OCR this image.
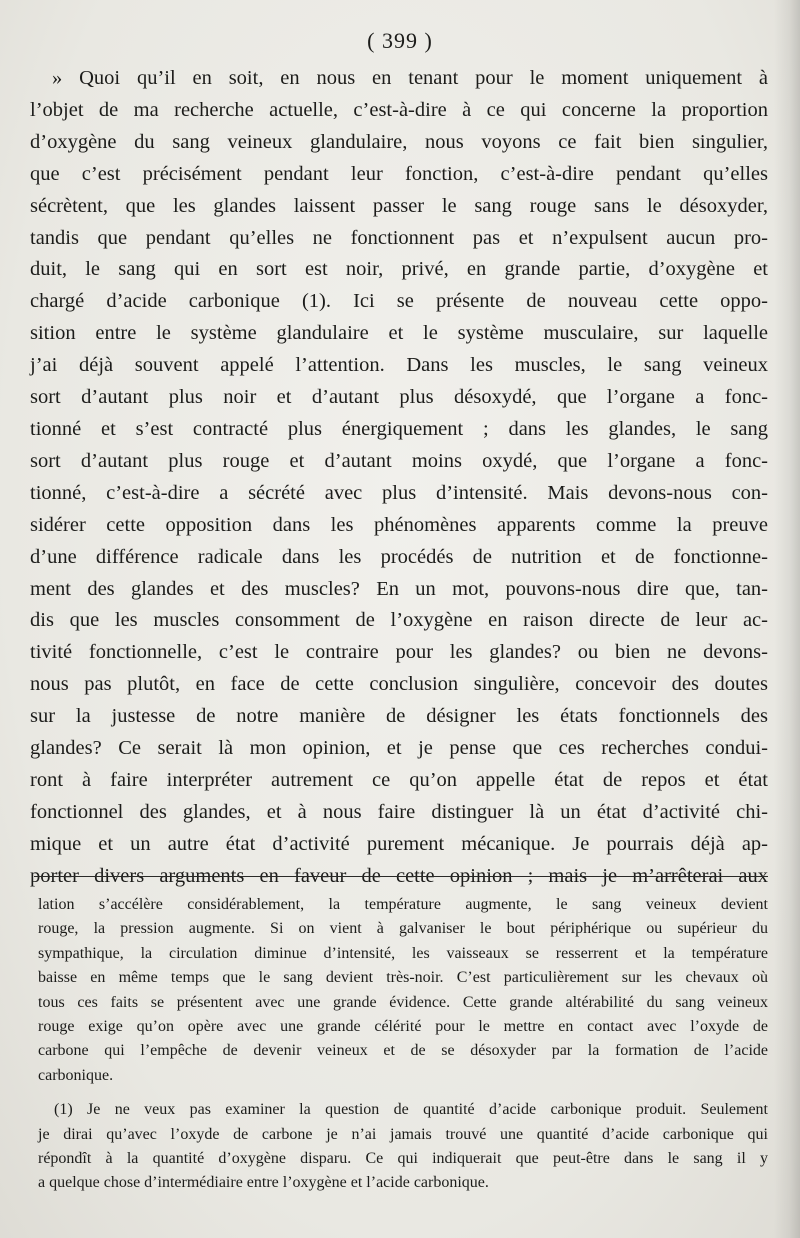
( 399 )
» Quoi qu’il en soit, en nous en tenant pour le moment uniquement à
l’objet de ma recherche actuelle, c’est-à-dire à ce qui concerne la proportion
d’oxygène du sang veineux glandulaire, nous voyons ce fait bien singulier,
que c’est précisément pendant leur fonction, c’est-à-dire pendant qu’elles
sécrètent, que les glandes laissent passer le sang rouge sans le désoxyder,
tandis que pendant qu’elles ne fonctionnent pas et n’expulsent aucun pro-
duit, le sang qui en sort est noir, privé, en grande partie, d’oxygène et
chargé d’acide carbonique (1). Ici se présente de nouveau cette oppo-
sition entre le système glandulaire et le système musculaire, sur laquelle
j’ai déjà souvent appelé l’attention. Dans les muscles, le sang veineux
sort d’autant plus noir et d’autant plus désoxydé, que l’organe a fonc-
tionné et s’est contracté plus énergiquement ; dans les glandes, le sang
sort d’autant plus rouge et d’autant moins oxydé, que l’organe a fonc-
tionné, c’est-à-dire a sécrété avec plus d’intensité. Mais devons-nous con-
sidérer cette opposition dans les phénomènes apparents comme la preuve
d’une différence radicale dans les procédés de nutrition et de fonctionne-
ment des glandes et des muscles? En un mot, pouvons-nous dire que, tan-
dis que les muscles consomment de l’oxygène en raison directe de leur ac-
tivité fonctionnelle, c’est le contraire pour les glandes? ou bien ne devons-
nous pas plutôt, en face de cette conclusion singulière, concevoir des doutes
sur la justesse de notre manière de désigner les états fonctionnels des
glandes? Ce serait là mon opinion, et je pense que ces recherches condui-
ront à faire interpréter autrement ce qu’on appelle état de repos et état
fonctionnel des glandes, et à nous faire distinguer là un état d’activité chi-
mique et un autre état d’activité purement mécanique. Je pourrais déjà ap-
porter divers arguments en faveur de cette opinion ; mais je m’arrêterai aux
lation s’accélère considérablement, la température augmente, le sang veineux devient
rouge, la pression augmente. Si on vient à galvaniser le bout périphérique ou supérieur du
sympathique, la circulation diminue d’intensité, les vaisseaux se resserrent et la température
baisse en même temps que le sang devient très-noir. C’est particulièrement sur les chevaux où
tous ces faits se présentent avec une grande évidence. Cette grande altérabilité du sang veineux
rouge exige qu’on opère avec une grande célérité pour le mettre en contact avec l’oxyde de
carbone qui l’empêche de devenir veineux et de se désoxyder par la formation de l’acide
carbonique.
(1) Je ne veux pas examiner la question de quantité d’acide carbonique produit. Seulement
je dirai qu’avec l’oxyde de carbone je n’ai jamais trouvé une quantité d’acide carbonique qui
répondît à la quantité d’oxygène disparu. Ce qui indiquerait que peut-être dans le sang il y
a quelque chose d’intermédiaire entre l’oxygène et l’acide carbonique.
